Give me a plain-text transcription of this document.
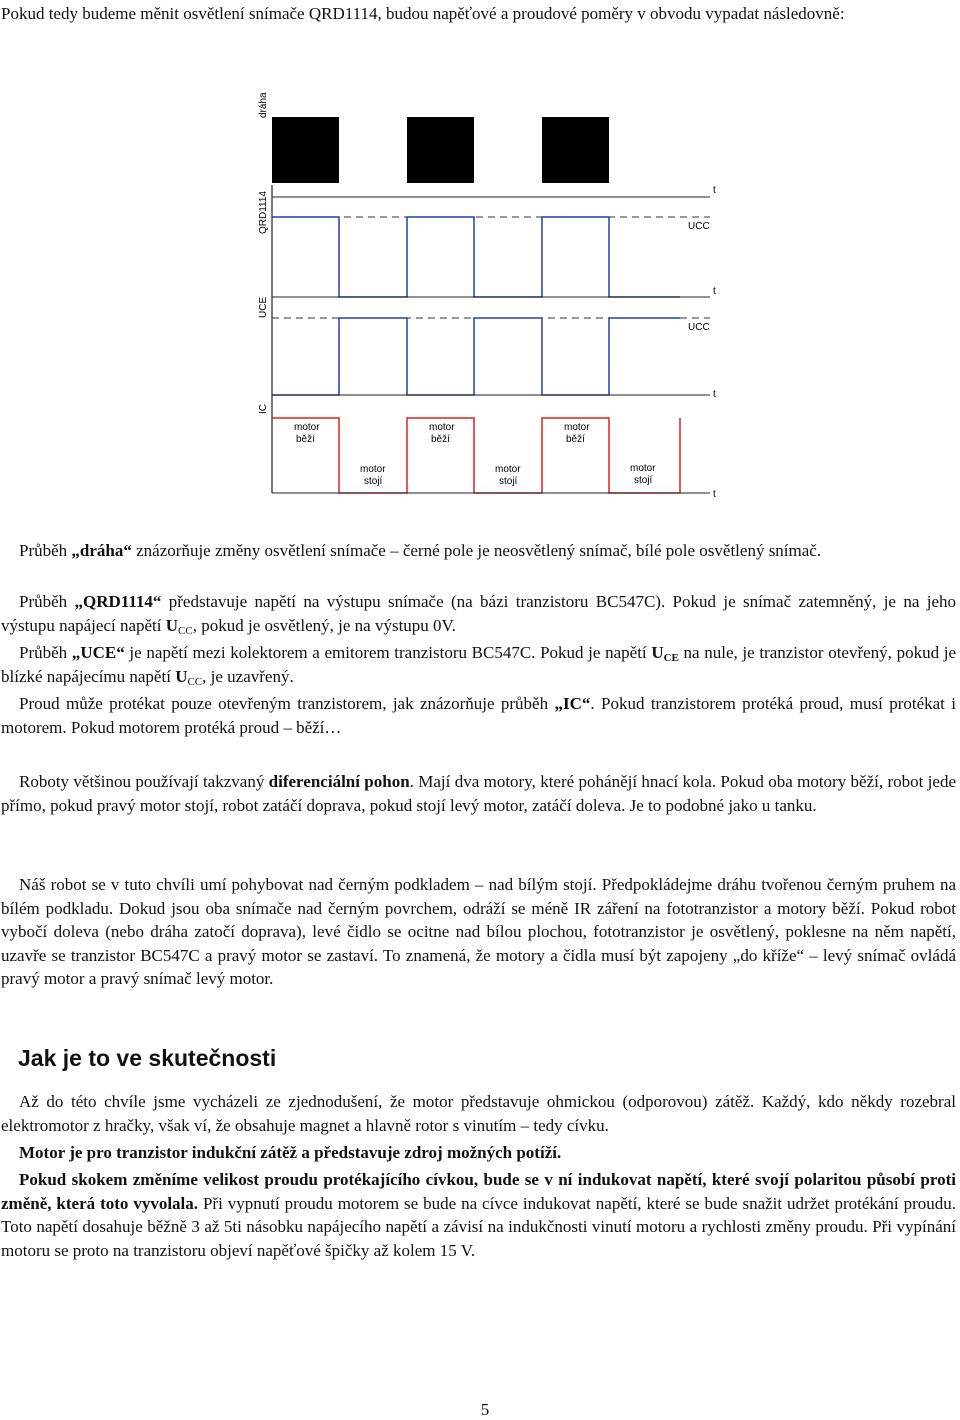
Pokud tedy budeme měnit osvětlení snímače QRD1114, budou napěťové a proudové poměry v obvodu vypadat následovně:

dráha
QRD1114
UCE
IC
t
UCC
t
UCC
t
t
motor běží
motor běží
motor běží
motor stojí
motor stojí
motor stojí

Průběh „dráha“ znázorňuje změny osvětlení snímače – černé pole je neosvětlený snímač, bílé pole osvětlený snímač.

Průběh „QRD1114“ představuje napětí na výstupu snímače (na bázi tranzistoru BC547C). Pokud je snímač zatemněný, je na jeho výstupu napájecí napětí $U_{CC}$, pokud je osvětlený, je na výstupu 0V.

Průběh „UCE“ je napětí mezi kolektorem a emitorem tranzistoru BC547C. Pokud je napětí $U_{CE}$ na nule, je tranzistor otevřený, pokud je blízké napájecímu napětí $U_{CC}$, je uzavřený.

Proud může protékat pouze otevřeným tranzistorem, jak znázorňuje průběh „IC“. Pokud tranzistorem protéká proud, musí protékat i motorem. Pokud motorem protéká proud – běží…

Roboty většinou používají takzvaný diferenciální pohon. Mají dva motory, které pohánějí hnací kola. Pokud oba motory běží, robot jede přímo, pokud pravý motor stojí, robot zatáčí doprava, pokud stojí levý motor, zatáčí doleva. Je to podobné jako u tanku.

Náš robot se v tuto chvíli umí pohybovat nad černým podkladem – nad bílým stojí. Předpokládejme dráhu tvořenou černým pruhem na bílém podkladu. Dokud jsou oba snímače nad černým povrchem, odráží se méně IR záření na fototranzistor a motory běží. Pokud robot vybočí doleva (nebo dráha zatočí doprava), levé čidlo se ocitne nad bílou plochou, fototranzistor je osvětlený, poklesne na něm napětí, uzavře se tranzistor BC547C a pravý motor se zastaví. To znamená, že motory a čidla musí být zapojeny „do kříže“ – levý snímač ovládá pravý motor a pravý snímač levý motor.

Jak je to ve skutečnosti

Až do této chvíle jsme vycházeli ze zjednodušení, že motor představuje ohmickou (odporovou) zátěž. Každý, kdo někdy rozebral elektromotor z hračky, však ví, že obsahuje magnet a hlavně rotor s vinutím – tedy cívku.

Motor je pro tranzistor indukční zátěž a představuje zdroj možných potíží.

Pokud skokem změníme velikost proudu protékajícího cívkou, bude se v ní indukovat napětí, které svojí polaritou působí proti změně, která toto vyvolala. Při vypnutí proudu motorem se bude na cívce indukovat napětí, které se bude snažit udržet protékání proudu. Toto napětí dosahuje běžně 3 až 5ti násobku napájecího napětí a závisí na indukčnosti vinutí motoru a rychlosti změny proudu. Při vypínání motoru se proto na tranzistoru objeví napěťové špičky až kolem 15 V.

5
